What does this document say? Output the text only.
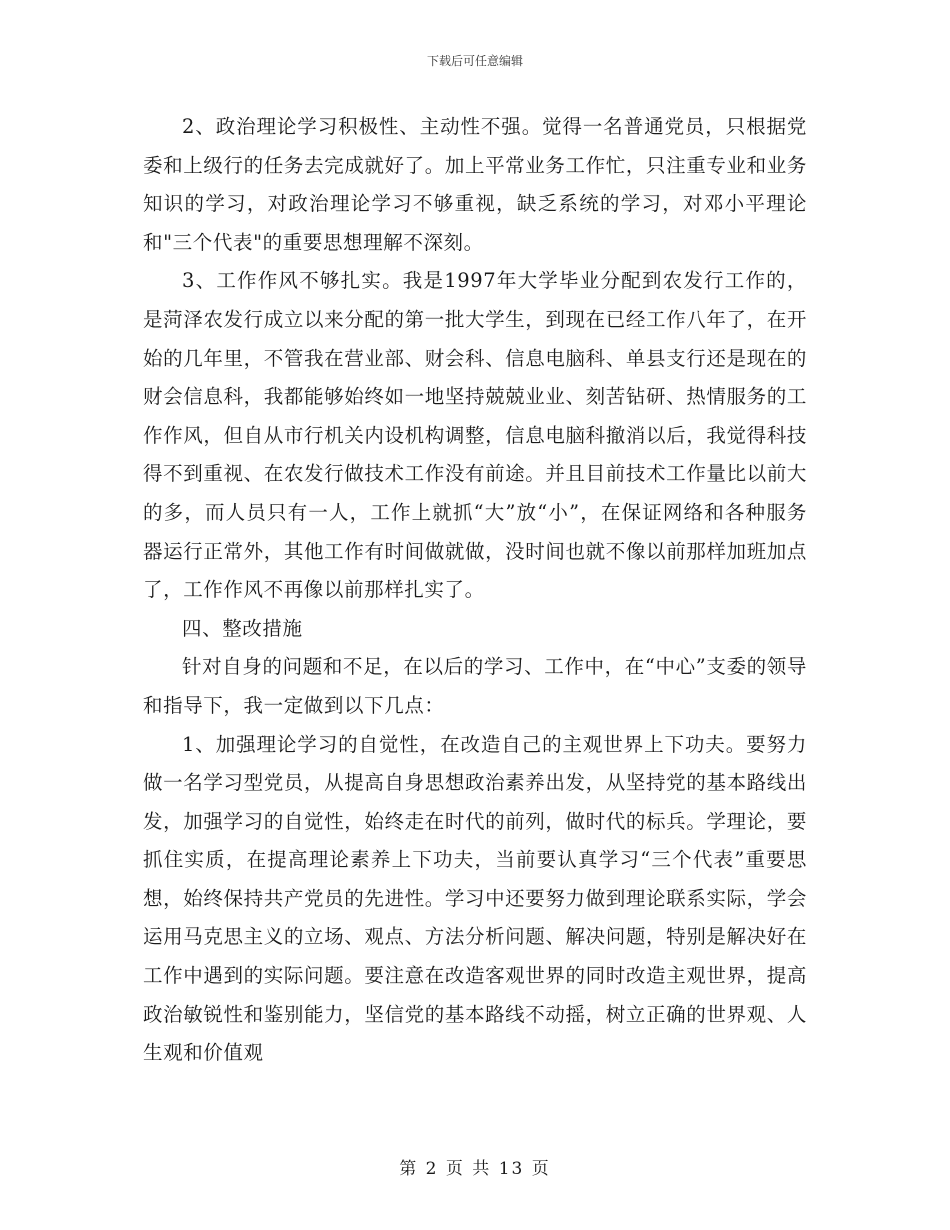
下载后可任意编辑

2、政治理论学习积极性、主动性不强。觉得一名普通党员，只根据党委和上级行的任务去完成就好了。加上平常业务工作忙，只注重专业和业务知识的学习，对政治理论学习不够重视，缺乏系统的学习，对邓小平理论和"三个代表"的重要思想理解不深刻。

3、工作作风不够扎实。我是1997年大学毕业分配到农发行工作的，是菏泽农发行成立以来分配的第一批大学生，到现在已经工作八年了，在开始的几年里，不管我在营业部、财会科、信息电脑科、单县支行还是现在的财会信息科，我都能够始终如一地坚持兢兢业业、刻苦钻研、热情服务的工作作风，但自从市行机关内设机构调整，信息电脑科撤消以后，我觉得科技得不到重视、在农发行做技术工作没有前途。并且目前技术工作量比以前大的多，而人员只有一人，工作上就抓“大”放“小”，在保证网络和各种服务器运行正常外，其他工作有时间做就做，没时间也就不像以前那样加班加点了，工作作风不再像以前那样扎实了。

四、整改措施

针对自身的问题和不足，在以后的学习、工作中，在“中心”支委的领导和指导下，我一定做到以下几点：

1、加强理论学习的自觉性，在改造自己的主观世界上下功夫。要努力做一名学习型党员，从提高自身思想政治素养出发，从坚持党的基本路线出发，加强学习的自觉性，始终走在时代的前列，做时代的标兵。学理论，要抓住实质，在提高理论素养上下功夫，当前要认真学习“三个代表”重要思想，始终保持共产党员的先进性。学习中还要努力做到理论联系实际，学会运用马克思主义的立场、观点、方法分析问题、解决问题，特别是解决好在工作中遇到的实际问题。要注意在改造客观世界的同时改造主观世界，提高政治敏锐性和鉴别能力，坚信党的基本路线不动摇，树立正确的世界观、人生观和价值观

第 2 页 共 13 页
